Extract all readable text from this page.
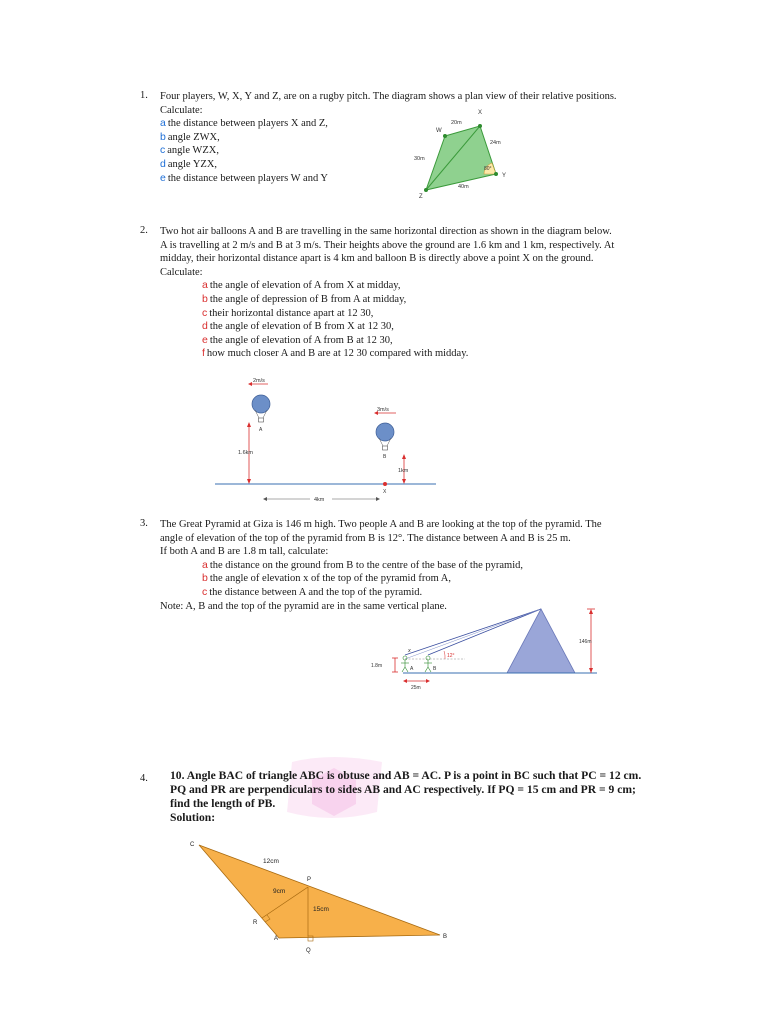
1. Four players, W, X, Y and Z, are on a rugby pitch. The diagram shows a plan view of their relative positions.
Calculate:
a the distance between players X and Z,
b angle ZWX,
c angle WZX,
d angle YZX,
e the distance between players W and Y
W
X
Y
Z
20m
24m
30m
40m
80°
2. Two hot air balloons A and B are travelling in the same horizontal direction as shown in the diagram below.
A is travelling at 2 m/s and B at 3 m/s. Their heights above the ground are 1.6 km and 1 km, respectively. At
midday, their horizontal distance apart is 4 km and balloon B is directly above a point X on the ground.
Calculate:
a the angle of elevation of A from X at midday,
b the angle of depression of B from A at midday,
c their horizontal distance apart at 12 30,
d the angle of elevation of B from X at 12 30,
e the angle of elevation of A from B at 12 30,
f how much closer A and B are at 12 30 compared with midday.
2m/s
A
1.6km
3m/s
B
1km
X
4km
3. The Great Pyramid at Giza is 146 m high. Two people A and B are looking at the top of the pyramid. The
angle of elevation of the top of the pyramid from B is 12°. The distance between A and B is 25 m.
If both A and B are 1.8 m tall, calculate:
a the distance on the ground from B to the centre of the base of the pyramid,
b the angle of elevation x of the top of the pyramid from A,
c the distance between A and the top of the pyramid.
Note: A, B and the top of the pyramid are in the same vertical plane.
12°
x
A	B
1.8m
25m
146m
4. 10. Angle BAC of triangle ABC is obtuse and AB = AC. P is a point in BC such that PC = 12 cm.
PQ and PR are perpendiculars to sides AB and AC respectively. If PQ = 15 cm and PR = 9 cm;
find the length of PB.
Solution:
C
P
R
A
Q
B
12cm
9cm
15cm
